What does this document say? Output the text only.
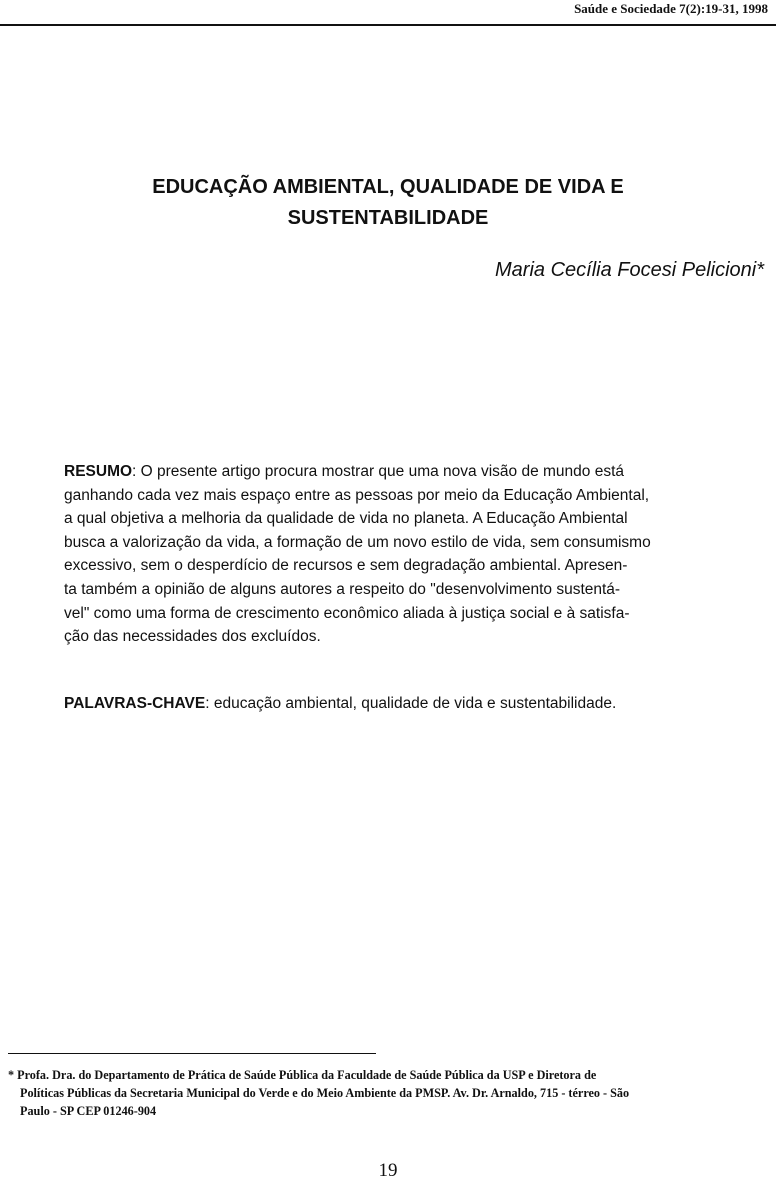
Saúde e Sociedade 7(2):19-31, 1998
EDUCAÇÃO AMBIENTAL, QUALIDADE DE VIDA E
SUSTENTABILIDADE
Maria Cecília Focesi Pelicioni*

RESUMO: O presente artigo procura mostrar que uma nova visão de mundo está
ganhando cada vez mais espaço entre as pessoas por meio da Educação Ambiental,
a qual objetiva a melhoria da qualidade de vida no planeta. A Educação Ambiental
busca a valorização da vida, a formação de um novo estilo de vida, sem consumismo
excessivo, sem o desperdício de recursos e sem degradação ambiental. Apresen-
ta também a opinião de alguns autores a respeito do "desenvolvimento sustentá-
vel" como uma forma de crescimento econômico aliada à justiça social e à satisfa-
ção das necessidades dos excluídos.

PALAVRAS-CHAVE: educação ambiental, qualidade de vida e sustentabilidade.

* Profa. Dra. do Departamento de Prática de Saúde Pública da Faculdade de Saúde Pública da USP e Diretora de
Políticas Públicas da Secretaria Municipal do Verde e do Meio Ambiente da PMSP. Av. Dr. Arnaldo, 715 - térreo - São
Paulo - SP CEP 01246-904

19
